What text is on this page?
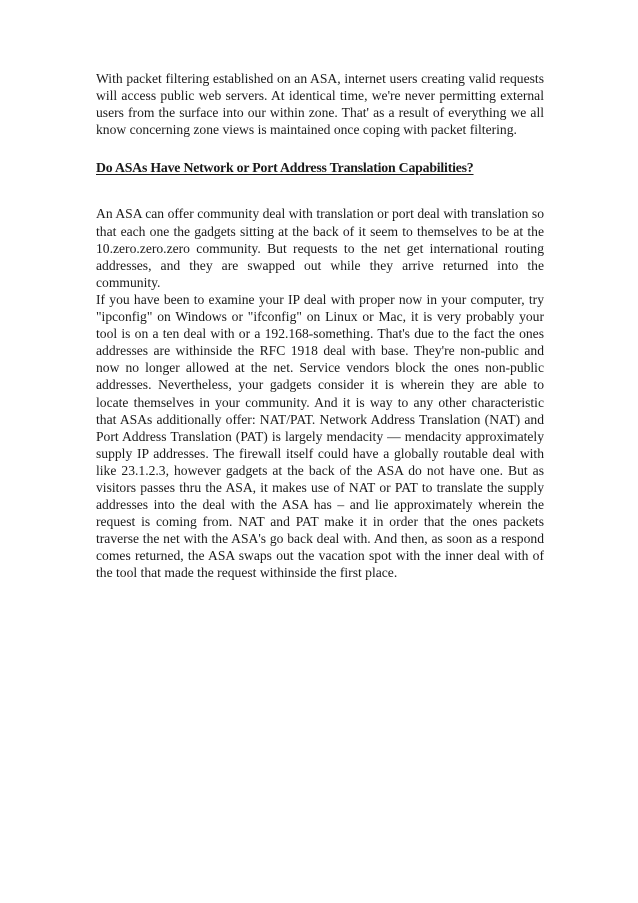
With packet filtering established on an ASA, internet users creating valid requests will access public web servers. At identical time, we're never permitting external users from the surface into our within zone. That' as a result of everything we all know concerning zone views is maintained once coping with packet filtering.

Do ASAs Have Network or Port Address Translation Capabilities?

An ASA can offer community deal with translation or port deal with translation so that each one the gadgets sitting at the back of it seem to themselves to be at the 10.zero.zero.zero community. But requests to the net get international routing addresses, and they are swapped out while they arrive returned into the community.

If you have been to examine your IP deal with proper now in your computer, try "ipconfig" on Windows or "ifconfig" on Linux or Mac, it is very probably your tool is on a ten deal with or a 192.168-something. That's due to the fact the ones addresses are withinside the RFC 1918 deal with base. They're non-public and now no longer allowed at the net. Service vendors block the ones non-public addresses. Nevertheless, your gadgets consider it is wherein they are able to locate themselves in your community. And it is way to any other characteristic that ASAs additionally offer: NAT/PAT. Network Address Translation (NAT) and Port Address Translation (PAT) is largely mendacity — mendacity approximately supply IP addresses. The firewall itself could have a globally routable deal with like 23.1.2.3, however gadgets at the back of the ASA do not have one. But as visitors passes thru the ASA, it makes use of NAT or PAT to translate the supply addresses into the deal with the ASA has – and lie approximately wherein the request is coming from. NAT and PAT make it in order that the ones packets traverse the net with the ASA's go back deal with. And then, as soon as a respond comes returned, the ASA swaps out the vacation spot with the inner deal with of the tool that made the request withinside the first place.
